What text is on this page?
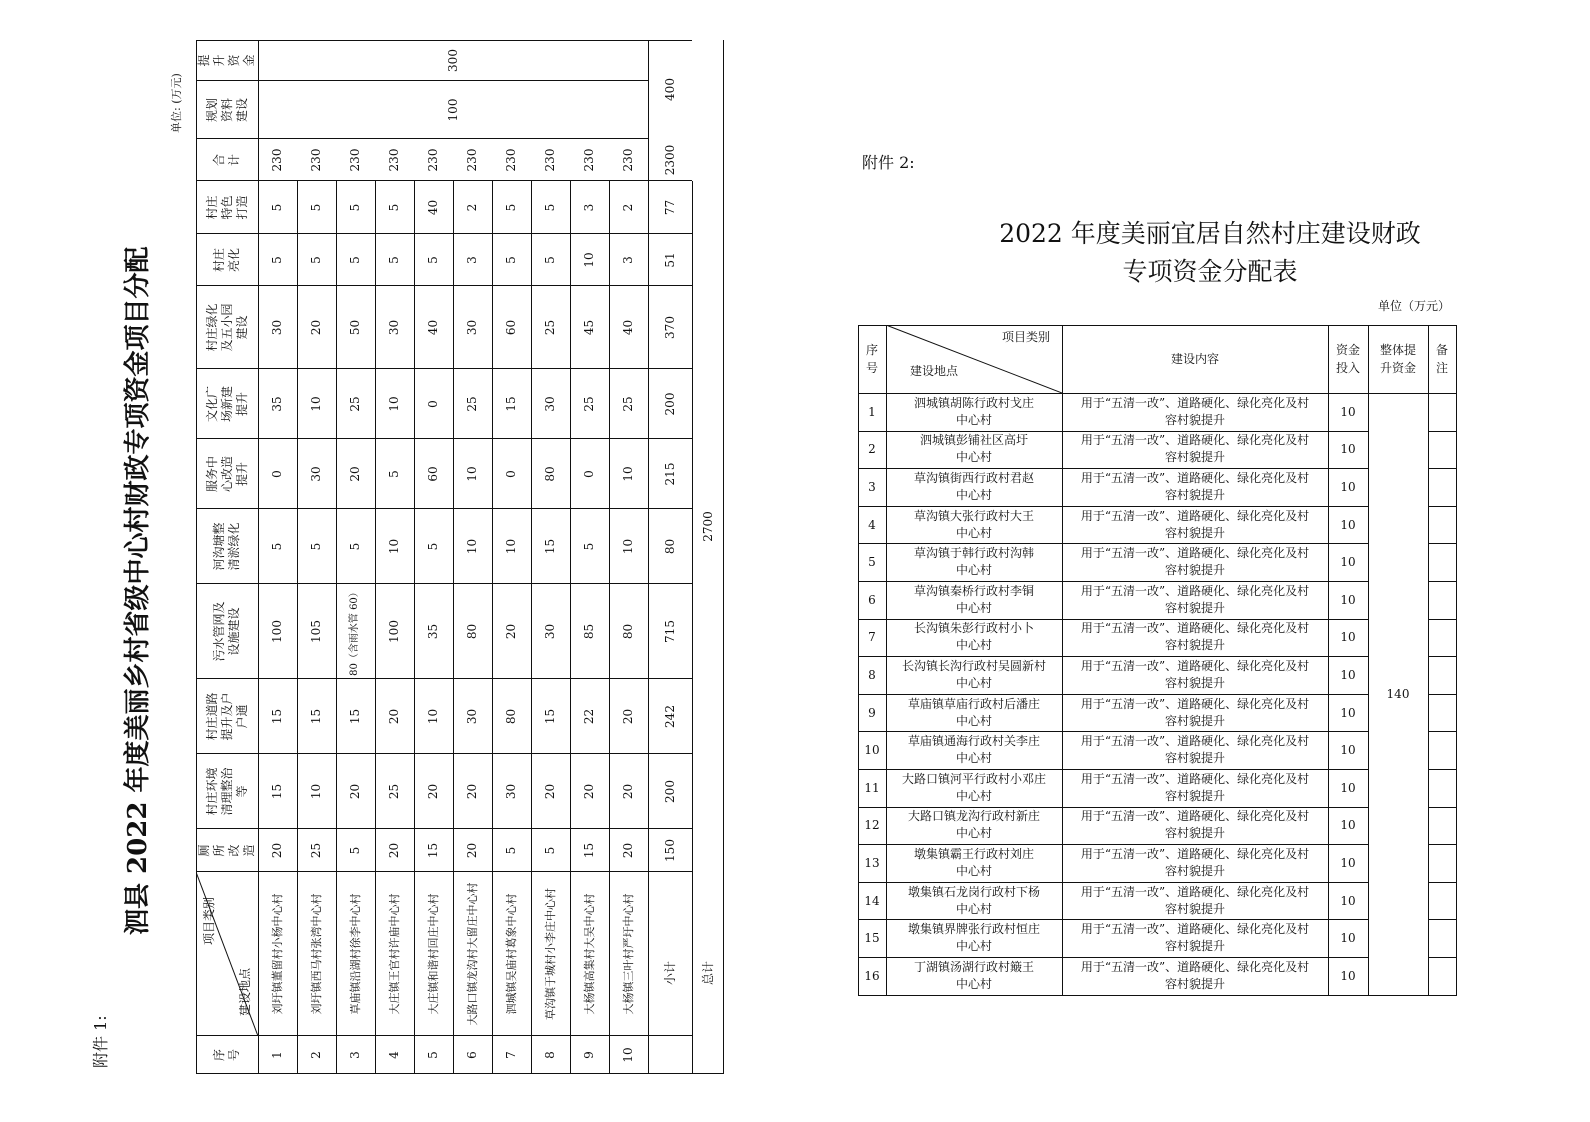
序号
项目类别
建设地点
厕所改造
村庄环境清理整治等
村庄道路提升及户户通
污水管网及设施建设
河沟塘整清淤绿化
服务中心改造提升
文化广场新建提升
村庄绿化及五小园建设
村庄亮化
村庄特色打造
合计
规划资料建设
提升资金
1
刘圩镇董留村小杨中心村
20
15
15
100
5
0
35
30
5
5
230
2
刘圩镇西马村张湾中心村
25
10
15
105
5
30
10
20
5
5
230
3
草庙镇沿湖村徐李中心村
5
20
15
80（含雨水管 60）
5
20
25
50
5
5
230
4
大庄镇王官村许庙中心村
20
25
20
100
10
5
10
30
5
5
230
5
大庄镇和谐村回庄中心村
15
20
10
35
5
60
0
40
5
40
230
6
大路口镇龙沟村大留庄中心村
20
20
30
80
10
10
25
30
3
2
230
7
泗城镇吴庙村葛象中心村
5
30
80
20
10
0
15
60
5
5
230
8
草沟镇于城村小李庄中心村
5
20
15
30
15
80
30
25
5
5
230
9
大杨镇高集村大吴中心村
15
20
22
85
5
0
25
45
10
3
230
10
大杨镇三叶村严圩中心村
20
20
20
80
10
10
25
40
3
2
230
100
300
小计
150
200
242
715
80
215
200
370
51
77
2300
400
总计
2700
泗县 2022 年度美丽乡村省级中心村财政专项资金项目分配
附件 1:
单位: (万元)
附件 2:
2022 年度美丽宜居自然村庄建设财政
专项资金分配表
单位（万元）
序号
项目类别
建设地点
建设内容
资金投入
整体提升资金
备注
1
泗城镇胡陈行政村戈庄
中心村
用于“五清一改”、道路硬化、绿化亮化及村
容村貌提升
10
2
泗城镇彭铺社区高圩
中心村
用于“五清一改”、道路硬化、绿化亮化及村
容村貌提升
10
3
草沟镇街西行政村君赵
中心村
用于“五清一改”、道路硬化、绿化亮化及村
容村貌提升
10
4
草沟镇大张行政村大王
中心村
用于“五清一改”、道路硬化、绿化亮化及村
容村貌提升
10
5
草沟镇于韩行政村沟韩
中心村
用于“五清一改”、道路硬化、绿化亮化及村
容村貌提升
10
6
草沟镇秦桥行政村李铜
中心村
用于“五清一改”、道路硬化、绿化亮化及村
容村貌提升
10
7
长沟镇朱彭行政村小卜
中心村
用于“五清一改”、道路硬化、绿化亮化及村
容村貌提升
10
8
长沟镇长沟行政村吴圆新村
中心村
用于“五清一改”、道路硬化、绿化亮化及村
容村貌提升
10
9
草庙镇草庙行政村后潘庄
中心村
用于“五清一改”、道路硬化、绿化亮化及村
容村貌提升
10
10
草庙镇通海行政村关李庄
中心村
用于“五清一改”、道路硬化、绿化亮化及村
容村貌提升
10
11
大路口镇河平行政村小邓庄
中心村
用于“五清一改”、道路硬化、绿化亮化及村
容村貌提升
10
12
大路口镇龙沟行政村新庄
中心村
用于“五清一改”、道路硬化、绿化亮化及村
容村貌提升
10
13
墩集镇霸王行政村刘庄
中心村
用于“五清一改”、道路硬化、绿化亮化及村
容村貌提升
10
14
墩集镇石龙岗行政村下杨
中心村
用于“五清一改”、道路硬化、绿化亮化及村
容村貌提升
10
15
墩集镇界牌张行政村恒庄
中心村
用于“五清一改”、道路硬化、绿化亮化及村
容村貌提升
10
16
丁湖镇汤湖行政村簸王
中心村
用于“五清一改”、道路硬化、绿化亮化及村
容村貌提升
10
140
